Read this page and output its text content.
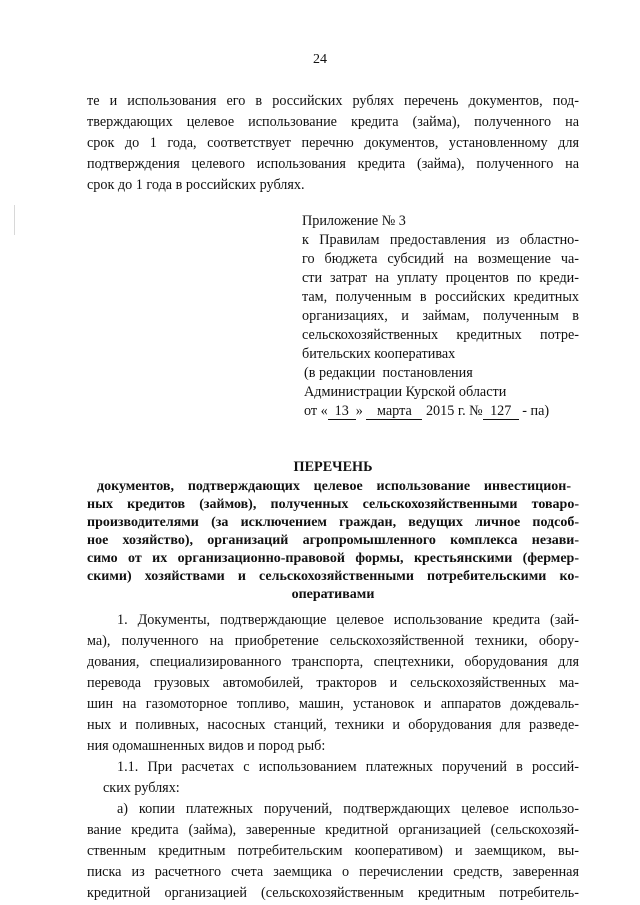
24
те и использования его в российских рублях перечень документов, под-
тверждающих целевое использование кредита (займа), полученного на
срок до 1 года, соответствует перечню документов, установленному для
подтверждения целевого использования кредита (займа), полученного на
срок до 1 года в российских рублях.
Приложение № 3
к Правилам предоставления из областно-
го бюджета субсидий на возмещение ча-
сти затрат на уплату процентов по креди-
там, полученным в российских кредитных
организациях, и займам, полученным в
сельскохозяйственных кредитных потре-
бительских кооперативах
(в редакции  постановления
Администрации Курской области
от « 13 » марта 2015 г. № 127 - па)
ПЕРЕЧЕНЬ
документов, подтверждающих целевое использование инвестицион-
ных кредитов (займов), полученных сельскохозяйственными товаро-
производителями (за исключением граждан, ведущих личное подсоб-
ное хозяйство), организаций агропромышленного комплекса незави-
симо от их организационно-правовой формы, крестьянскими (фермер-
скими) хозяйствами и сельскохозяйственными потребительскими ко-
оперативами
1. Документы, подтверждающие целевое использование кредита (зай-
ма), полученного на приобретение сельскохозяйственной техники, обору-
дования, специализированного транспорта, спецтехники, оборудования для
перевода грузовых автомобилей, тракторов и сельскохозяйственных ма-
шин на газомоторное топливо, машин, установок и аппаратов дождеваль-
ных и поливных, насосных станций, техники и оборудования для разведе-
ния одомашненных видов и пород рыб:
1.1. При расчетах с использованием платежных поручений в россий-
ских рублях:
а) копии платежных поручений, подтверждающих целевое использо-
вание кредита (займа), заверенные кредитной организацией (сельскохозяй-
ственным кредитным потребительским кооперативом) и заемщиком, вы-
писка из расчетного счета заемщика о перечислении средств, заверенная
кредитной организацией (сельскохозяйственным кредитным потребитель-
